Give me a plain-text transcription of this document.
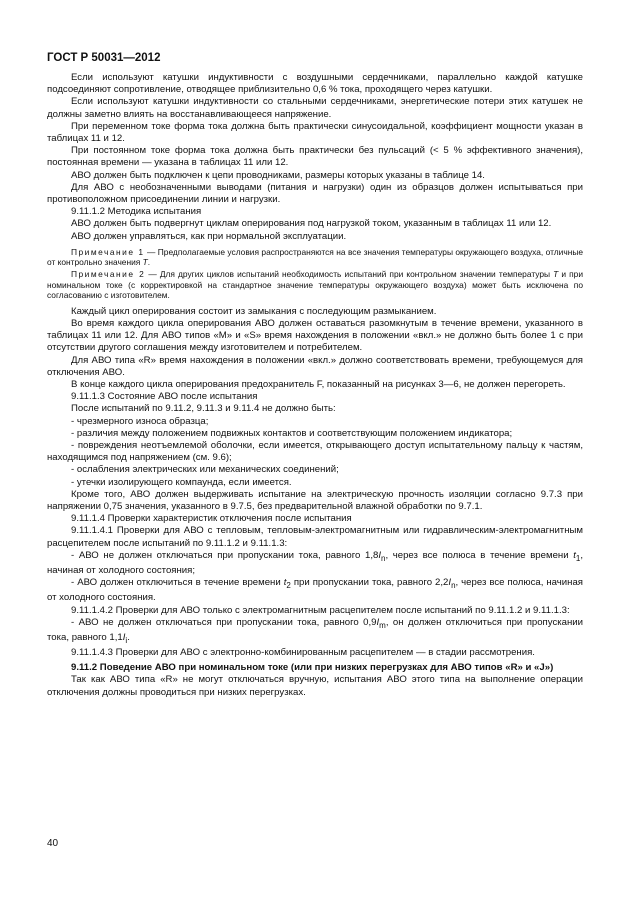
ГОСТ Р 50031—2012

Если используют катушки индуктивности с воздушными сердечниками, параллельно каждой катушке подсоединяют сопротивление, отводящее приблизительно 0,6 % тока, проходящего через катушки.

Если используют катушки индуктивности со стальными сердечниками, энергетические потери этих катушек не должны заметно влиять на восстанавливающееся напряжение.

При переменном токе форма тока должна быть практически синусоидальной, коэффициент мощности указан в таблицах 11 и 12.

При постоянном токе форма тока должна быть практически без пульсаций (< 5 % эффективного значения), постоянная времени — указана в таблицах 11 или 12.

АВО должен быть подключен к цепи проводниками, размеры которых указаны в таблице 14.

Для АВО с необозначенными выводами (питания и нагрузки) один из образцов должен испытываться при противоположном присоединении линии и нагрузки.

9.11.1.2 Методика испытания

АВО должен быть подвергнут циклам оперирования под нагрузкой током, указанным в таблицах 11 или 12.

АВО должен управляться, как при нормальной эксплуатации.

Примечание 1 — Предполагаемые условия распространяются на все значения температуры окружающего воздуха, отличные от контрольно значения T.

Примечание 2 — Для других циклов испытаний необходимость испытаний при контрольном значении температуры T и при номинальном токе (с корректировкой на стандартное значение температуры окружающего воздуха) может быть исключена по согласованию с изготовителем.

Каждый цикл оперирования состоит из замыкания с последующим размыканием.

Во время каждого цикла оперирования АВО должен оставаться разомкнутым в течение времени, указанного в таблицах 11 или 12. Для АВО типов «M» и «S» время нахождения в положении «вкл.» не должно быть более 1 с при отсутствии другого соглашения между изготовителем и потребителем.

Для АВО типа «R» время нахождения в положении «вкл.» должно соответствовать времени, требующемуся для отключения АВО.

В конце каждого цикла оперирования предохранитель F, показанный на рисунках 3—6, не должен перегореть.

9.11.1.3 Состояние АВО после испытания

После испытаний по 9.11.2, 9.11.3 и 9.11.4 не должно быть:

- чрезмерного износа образца;

- различия между положением подвижных контактов и соответствующим положением индикатора;

- повреждения неотъемлемой оболочки, если имеется, открывающего доступ испытательному пальцу к частям, находящимся под напряжением (см. 9.6);

- ослабления электрических или механических соединений;

- утечки изолирующего компаунда, если имеется.

Кроме того, АВО должен выдерживать испытание на электрическую прочность изоляции согласно 9.7.3 при напряжении 0,75 значения, указанного в 9.7.5, без предварительной влажной обработки по 9.7.1.

9.11.1.4 Проверки характеристик отключения после испытания

9.11.1.4.1 Проверки для АВО с тепловым, тепловым-электромагнитным или гидравлическим-электромагнитным расцепителем после испытаний по 9.11.1.2 и 9.11.1.3:

- АВО не должен отключаться при пропускании тока, равного $1,8I_n$, через все полюса в течение времени $t_1$, начиная от холодного состояния;

- АВО должен отключиться в течение времени $t_2$ при пропускании тока, равного $2,2I_n$, через все полюса, начиная от холодного состояния.

9.11.1.4.2 Проверки для АВО только с электромагнитным расцепителем после испытаний по 9.11.1.2 и 9.11.1.3:

- АВО не должен отключаться при пропускании тока, равного $0,9I_m$, он должен отключиться при пропускании тока, равного $1,1I_i$.

9.11.1.4.3 Проверки для АВО с электронно-комбинированным расцепителем — в стадии рассмотрения.

9.11.2 Поведение АВО при номинальном токе (или при низких перегрузках для АВО типов «R» и «J»)

Так как АВО типа «R» не могут отключаться вручную, испытания АВО этого типа на выполнение операции отключения должны проводиться при низких перегрузках.

40
